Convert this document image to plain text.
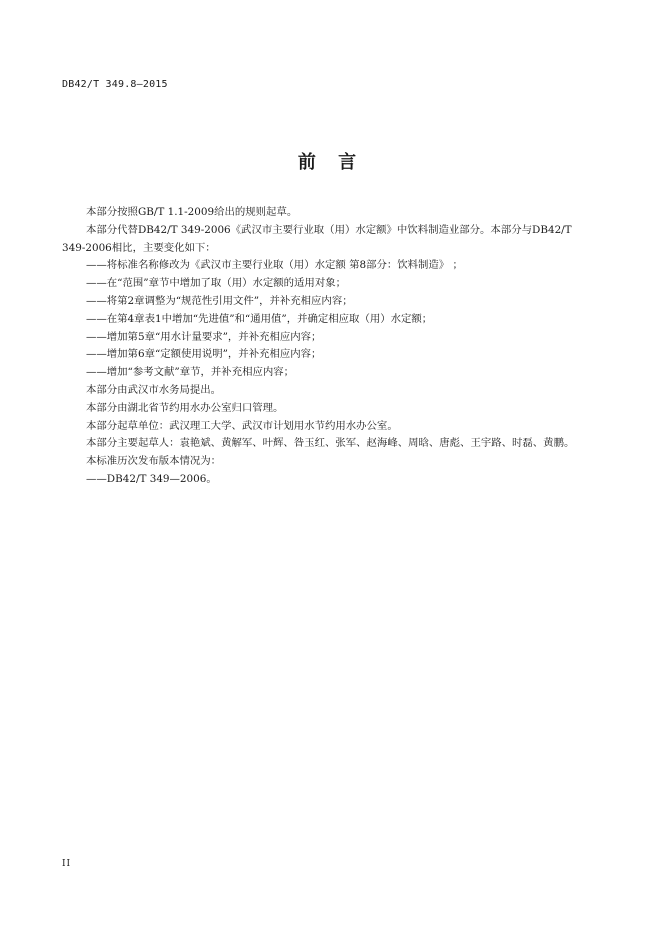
DB42/T 349.8—2015
前 言

本部分按照GB/T 1.1-2009给出的规则起草。

本部分代替DB42/T 349-2006《武汉市主要行业取（用）水定额》中饮料制造业部分。本部分与DB42/T 349-2006相比，主要变化如下：

——将标准名称修改为《武汉市主要行业取（用）水定额 第8部分：饮料制造》 ；

——在“范围”章节中增加了取（用）水定额的适用对象；

——将第2章调整为“规范性引用文件”，并补充相应内容；

——在第4章表1中增加“先进值”和“通用值”，并确定相应取（用）水定额；

——增加第5章“用水计量要求”，并补充相应内容；

——增加第6章“定额使用说明”，并补充相应内容；

——增加“参考文献”章节，并补充相应内容；

本部分由武汉市水务局提出。

本部分由湖北省节约用水办公室归口管理。

本部分起草单位：武汉理工大学、武汉市计划用水节约用水办公室。

本部分主要起草人：袁艳斌、黄解军、叶辉、昝玉红、张军、赵海峰、周晗、唐彪、王宇路、时磊、黄鹏。

本标准历次发布版本情况为：

——DB42/T 349—2006。

II
